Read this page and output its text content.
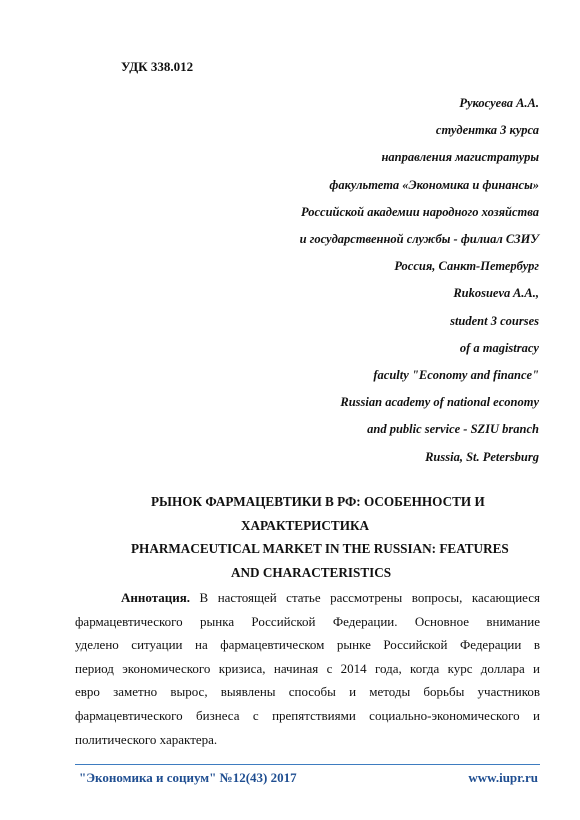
УДК 338.012
Рукосуева А.А.
студентка 3 курса
направления магистратуры
факультета «Экономика и финансы»
Российской академии народного хозяйства
и государственной службы - филиал СЗИУ
Россия, Санкт-Петербург
Rukosueva A.A.,
student 3 courses
of a magistracy
faculty "Economy and finance"
Russian academy of national economy
and public service - SZIU branch
Russia, St. Petersburg
РЫНОК ФАРМАЦЕВТИКИ В РФ: ОСОБЕННОСТИ И
ХАРАКТЕРИСТИКА
PHARMACEUTICAL MARKET IN THE RUSSIAN: FEATURES
AND CHARACTERISTICS
Аннотация. В настоящей статье рассмотрены вопросы, касающиеся
фармацевтического рынка Российской Федерации. Основное внимание
уделено ситуации на фармацевтическом рынке Российской Федерации в
период экономического кризиса, начиная с 2014 года, когда курс доллара и
евро заметно вырос, выявлены способы и методы борьбы участников
фармацевтического бизнеса с препятствиями социально-экономического и
политического характера.
"Экономика и социум" №12(43) 2017	www.iupr.ru
